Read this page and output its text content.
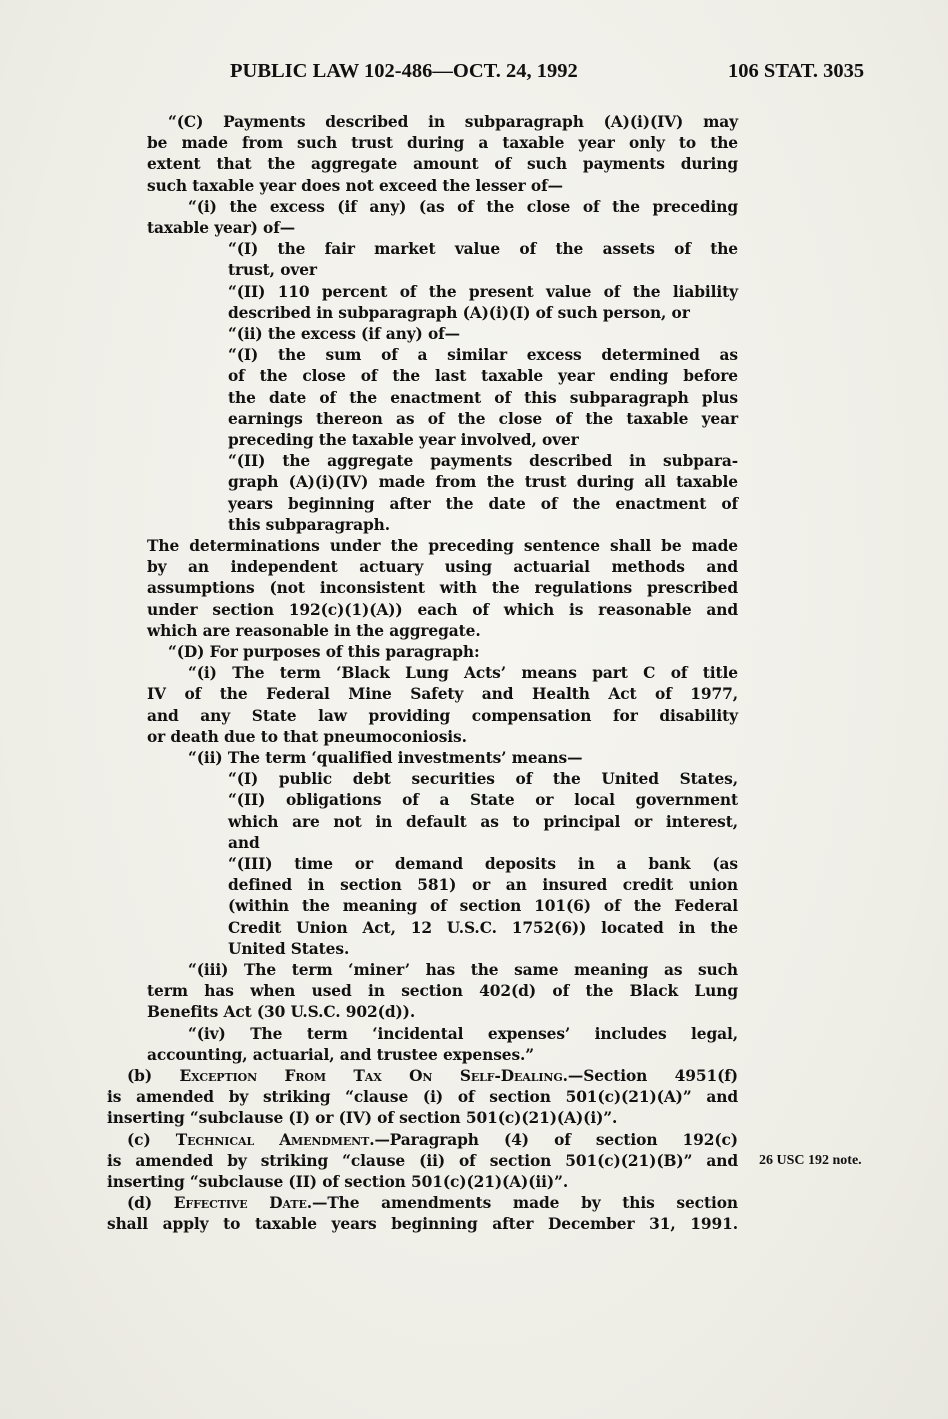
PUBLIC LAW 102-486—OCT. 24, 1992	106 STAT. 3035
“(C) Payments described in subparagraph (A)(i)(IV) may
be made from such trust during a taxable year only to the
extent that the aggregate amount of such payments during
such taxable year does not exceed the lesser of—
“(i) the excess (if any) (as of the close of the preceding
taxable year) of—
“(I) the fair market value of the assets of the
trust, over
“(II) 110 percent of the present value of the liability
described in subparagraph (A)(i)(I) of such person, or
“(ii) the excess (if any) of—
“(I) the sum of a similar excess determined as
of the close of the last taxable year ending before
the date of the enactment of this subparagraph plus
earnings thereon as of the close of the taxable year
preceding the taxable year involved, over
“(II) the aggregate payments described in subpara-
graph (A)(i)(IV) made from the trust during all taxable
years beginning after the date of the enactment of
this subparagraph.
The determinations under the preceding sentence shall be made
by an independent actuary using actuarial methods and
assumptions (not inconsistent with the regulations prescribed
under section 192(c)(1)(A)) each of which is reasonable and
which are reasonable in the aggregate.
“(D) For purposes of this paragraph:
“(i) The term ‘Black Lung Acts’ means part C of title
IV of the Federal Mine Safety and Health Act of 1977,
and any State law providing compensation for disability
or death due to that pneumoconiosis.
“(ii) The term ‘qualified investments’ means—
“(I) public debt securities of the United States,
“(II) obligations of a State or local government
which are not in default as to principal or interest,
and
“(III) time or demand deposits in a bank (as
defined in section 581) or an insured credit union
(within the meaning of section 101(6) of the Federal
Credit Union Act, 12 U.S.C. 1752(6)) located in the
United States.
“(iii) The term ‘miner’ has the same meaning as such
term has when used in section 402(d) of the Black Lung
Benefits Act (30 U.S.C. 902(d)).
“(iv) The term ‘incidental expenses’ includes legal,
accounting, actuarial, and trustee expenses.”
(b) Exception From Tax On Self-Dealing.—Section 4951(f)
is amended by striking “clause (i) of section 501(c)(21)(A)” and
inserting “subclause (I) or (IV) of section 501(c)(21)(A)(i)”.
(c) Technical Amendment.—Paragraph (4) of section 192(c)
is amended by striking “clause (ii) of section 501(c)(21)(B)” and
inserting “subclause (II) of section 501(c)(21)(A)(ii)”.
(d) Effective Date.—The amendments made by this section
shall apply to taxable years beginning after December 31, 1991.
26 USC 192 note.
